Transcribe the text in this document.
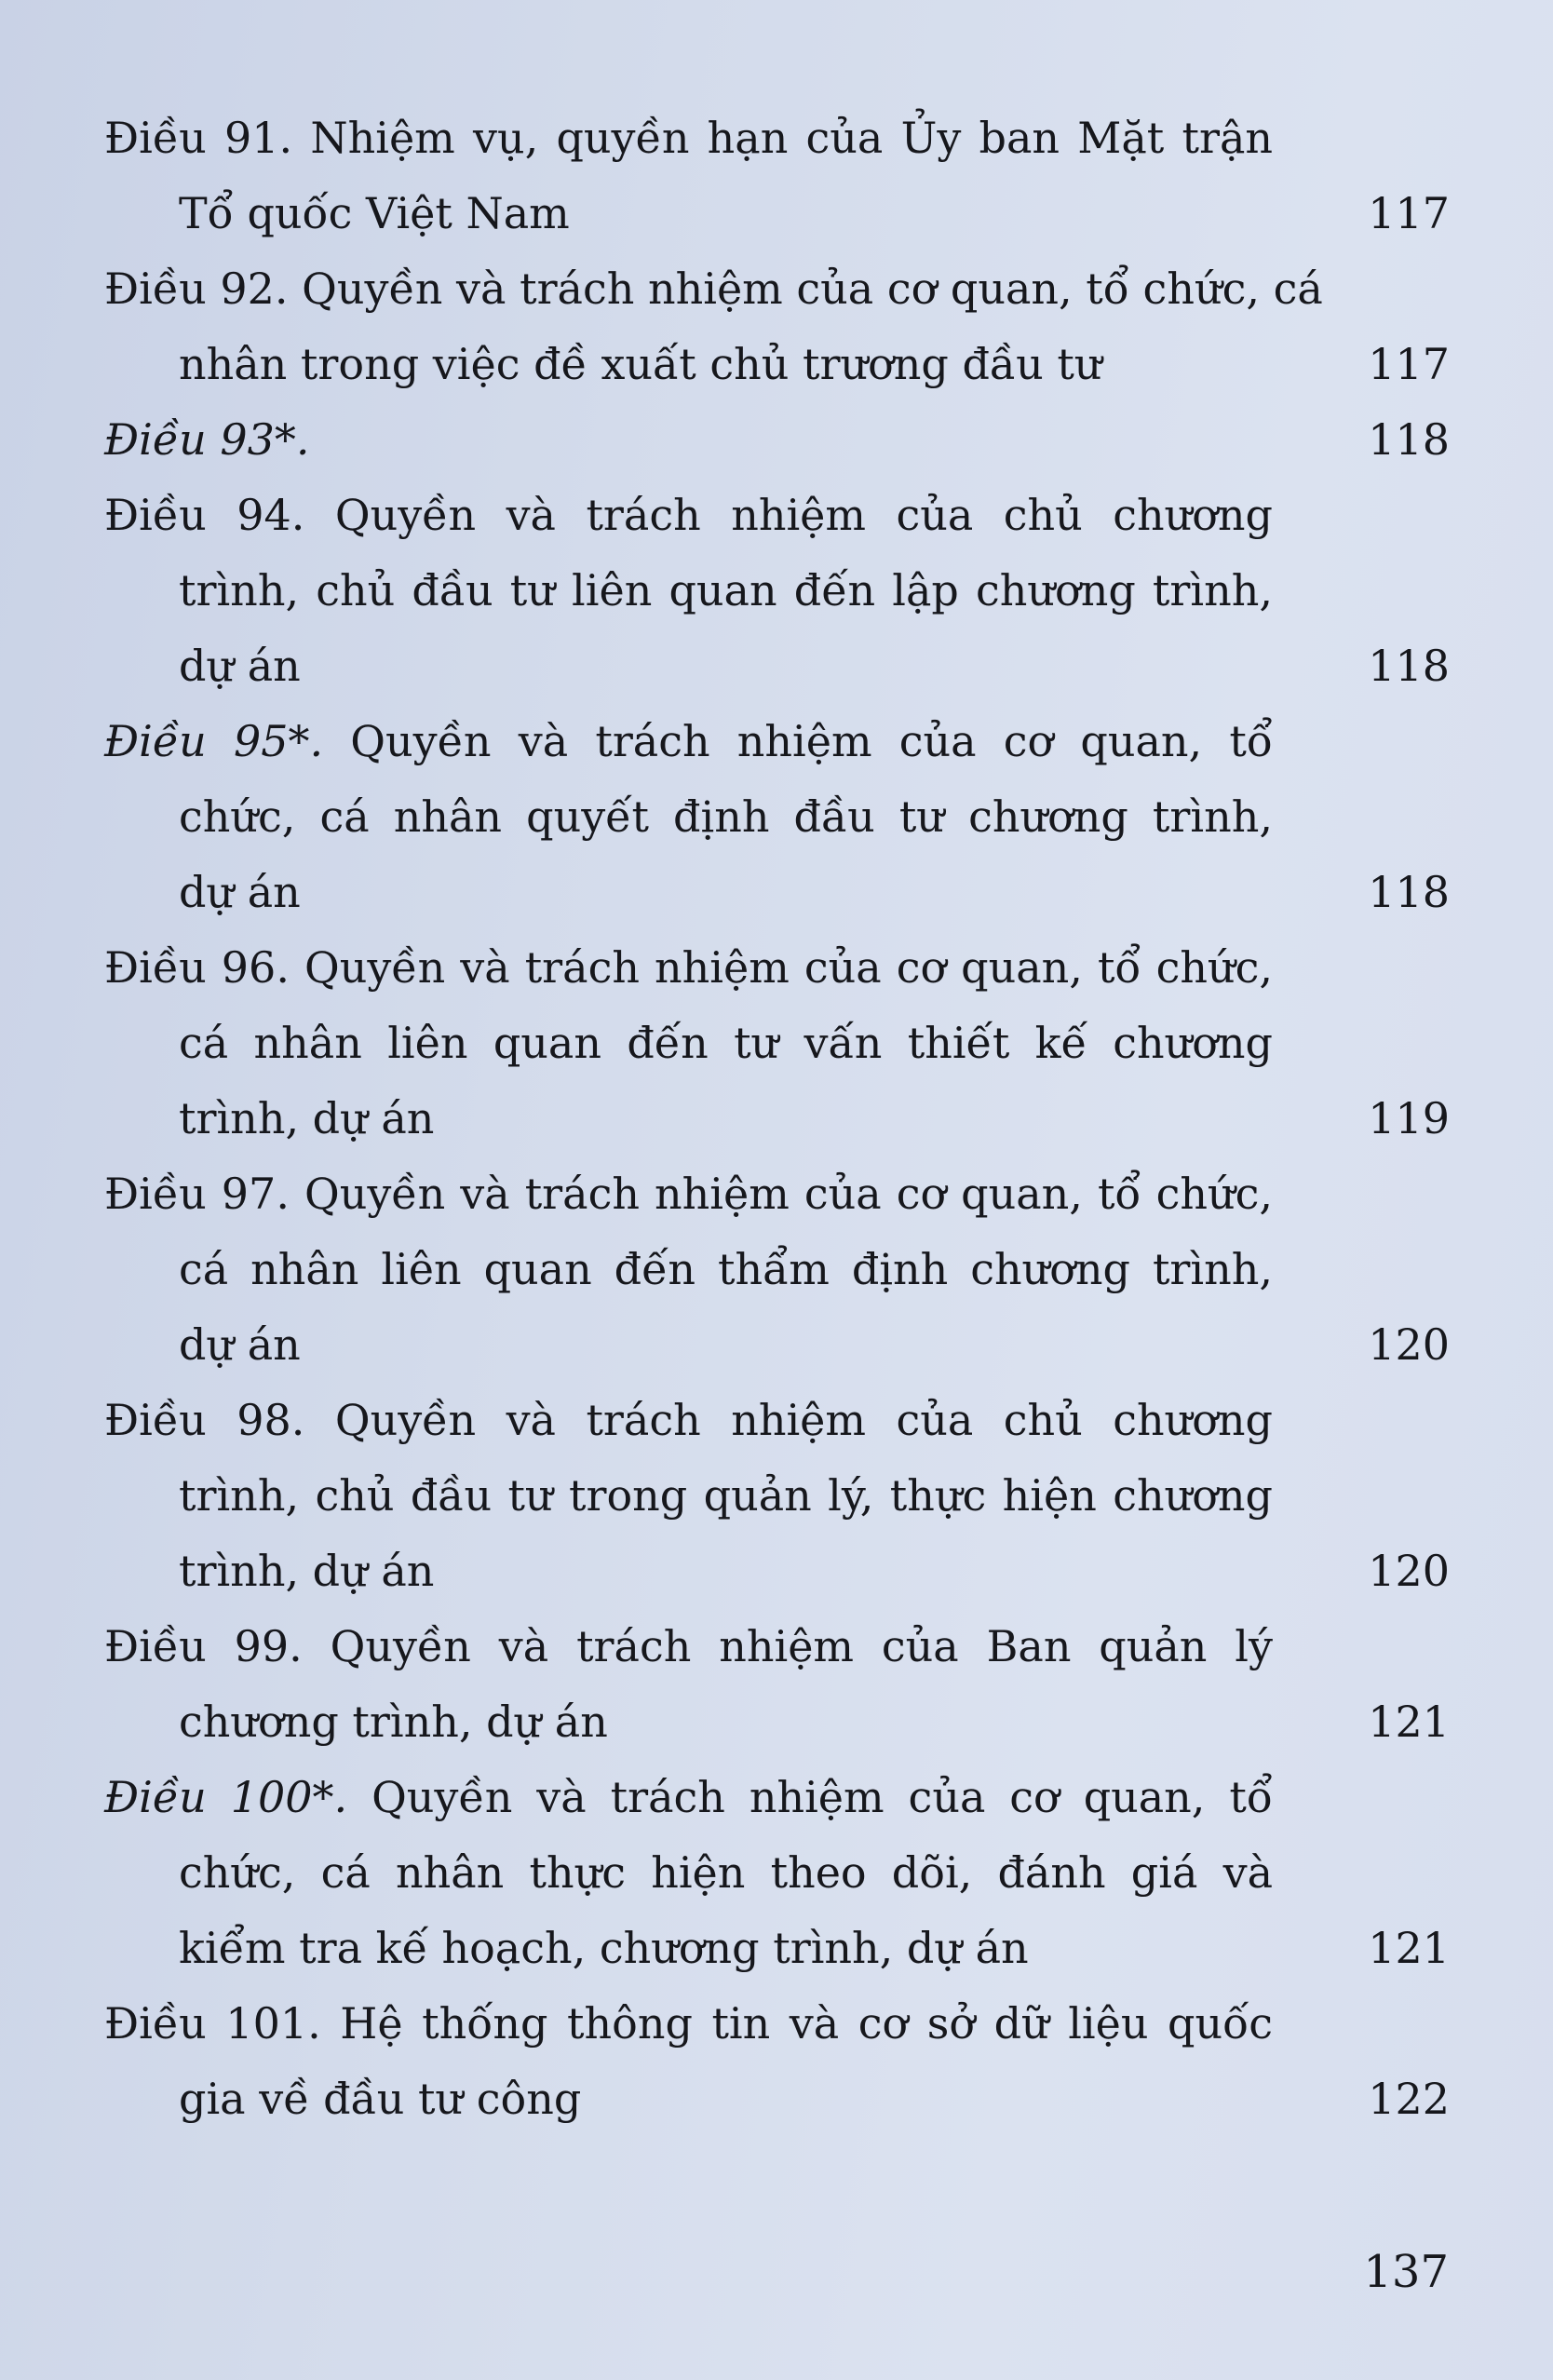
Điều 91. Nhiệm vụ, quyền hạn của Ủy ban Mặt trận
Tổ quốc Việt Nam	117
Điều 92. Quyền và trách nhiệm của cơ quan, tổ chức, cá
nhân trong việc đề xuất chủ trương đầu tư	117
Điều 93*.	118
Điều 94. Quyền và trách nhiệm của chủ chương
trình, chủ đầu tư liên quan đến lập chương trình,
dự án	118
Điều 95*. Quyền và trách nhiệm của cơ quan, tổ
chức, cá nhân quyết định đầu tư chương trình,
dự án	118
Điều 96. Quyền và trách nhiệm của cơ quan, tổ chức,
cá nhân liên quan đến tư vấn thiết kế chương
trình, dự án	119
Điều 97. Quyền và trách nhiệm của cơ quan, tổ chức,
cá nhân liên quan đến thẩm định chương trình,
dự án	120
Điều 98. Quyền và trách nhiệm của chủ chương
trình, chủ đầu tư trong quản lý, thực hiện chương
trình, dự án	120
Điều 99. Quyền và trách nhiệm của Ban quản lý
chương trình, dự án	121
Điều 100*. Quyền và trách nhiệm của cơ quan, tổ
chức, cá nhân thực hiện theo dõi, đánh giá và
kiểm tra kế hoạch, chương trình, dự án	121
Điều 101. Hệ thống thông tin và cơ sở dữ liệu quốc
gia về đầu tư công	122
137
